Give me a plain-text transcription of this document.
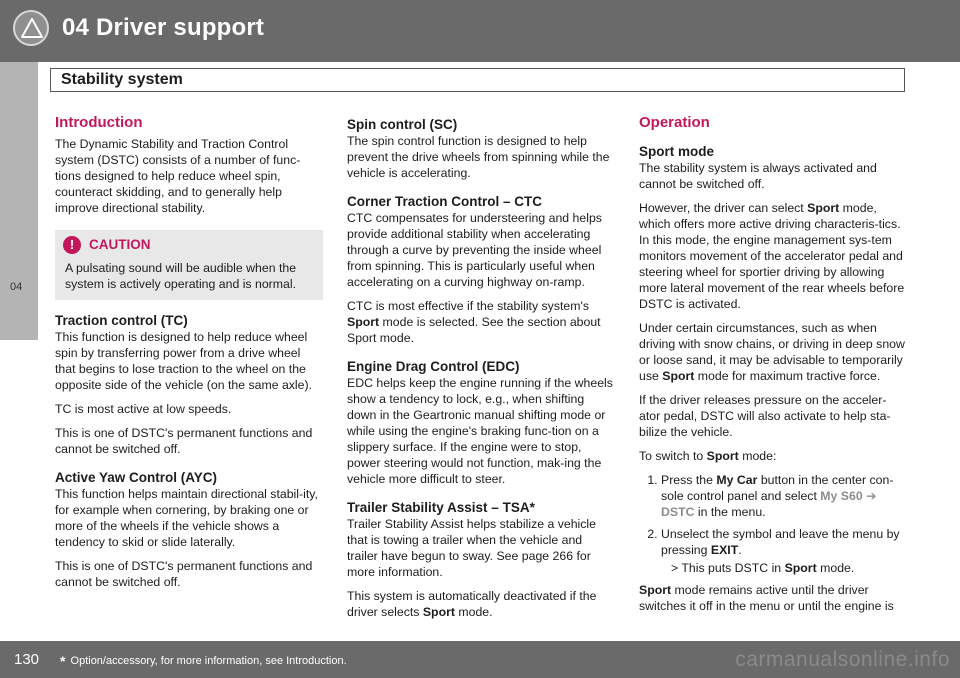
04 Driver support
Stability system
04
Introduction

The Dynamic Stability and Traction Control system (DSTC) consists of a number of func-tions designed to help reduce wheel spin, counteract skidding, and to generally help improve directional stability.

!	CAUTION

A pulsating sound will be audible when the system is actively operating and is normal.

Traction control (TC)

This function is designed to help reduce wheel spin by transferring power from a drive wheel that begins to lose traction to the wheel on the opposite side of the vehicle (on the same axle).

TC is most active at low speeds.

This is one of DSTC's permanent functions and cannot be switched off.

Active Yaw Control (AYC)

This function helps maintain directional stabil-ity, for example when cornering, by braking one or more of the wheels if the vehicle shows a tendency to skid or slide laterally.

This is one of DSTC's permanent functions and cannot be switched off.

Spin control (SC)

The spin control function is designed to help prevent the drive wheels from spinning while the vehicle is accelerating.

Corner Traction Control – CTC

CTC compensates for understeering and helps provide additional stability when accelerating through a curve by preventing the inside wheel from spinning. This is particularly useful when accelerating on a curving highway on-ramp.

CTC is most effective if the stability system's Sport mode is selected. See the section about Sport mode.

Engine Drag Control (EDC)

EDC helps keep the engine running if the wheels show a tendency to lock, e.g., when shifting down in the Geartronic manual shifting mode or while using the engine's braking func-tion on a slippery surface. If the engine were to stop, power steering would not function, mak-ing the vehicle more difficult to steer.

Trailer Stability Assist – TSA*

Trailer Stability Assist helps stabilize a vehicle that is towing a trailer when the vehicle and trailer have begun to sway. See page 266 for more information.

This system is automatically deactivated if the driver selects Sport mode.

Operation
Sport mode

The stability system is always activated and cannot be switched off.

However, the driver can select Sport mode, which offers more active driving characteris-tics. In this mode, the engine management sys-tem monitors movement of the accelerator pedal and steering wheel for sportier driving by allowing more lateral movement of the rear wheels before DSTC is activated.

Under certain circumstances, such as when driving with snow chains, or driving in deep snow or loose sand, it may be advisable to temporarily use Sport mode for maximum tractive force.

If the driver releases pressure on the acceler-ator pedal, DSTC will also activate to help sta-bilize the vehicle.

To switch to Sport mode:

1. Press the My Car button in the center con-sole control panel and select My S60 ➔ DSTC in the menu.
2. Unselect the symbol and leave the menu by pressing EXIT.
> This puts DSTC in Sport mode.

Sport mode remains active until the driver switches it off in the menu or until the engine is

130 * Option/accessory, for more information, see Introduction.	carmanualsonline.info
